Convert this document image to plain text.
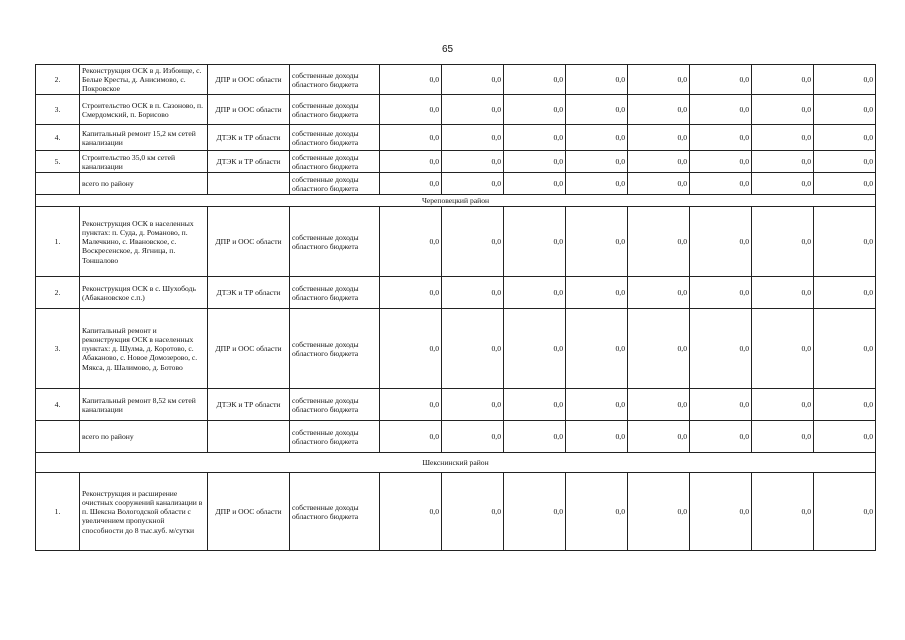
65
2.	Реконструкция ОСК в д. Избоище, с. Белые Кресты, д. Анисимово, с. Покровское	ДПР и ООС области	собственные доходы областного бюджета	0,0	0,0	0,0	0,0	0,0	0,0	0,0	0,0
3.	Строительство ОСК в п. Сазоново, п. Смердомский, п. Борисово	ДПР и ООС области	собственные доходы областного бюджета	0,0	0,0	0,0	0,0	0,0	0,0	0,0	0,0
4.	Капитальный ремонт 15,2 км сетей канализации	ДТЭК и ТР области	собственные доходы областного бюджета	0,0	0,0	0,0	0,0	0,0	0,0	0,0	0,0
5.	Строительство 35,0 км сетей канализации	ДТЭК и ТР области	собственные доходы областного бюджета	0,0	0,0	0,0	0,0	0,0	0,0	0,0	0,0
	всего по району		собственные доходы областного бюджета	0,0	0,0	0,0	0,0	0,0	0,0	0,0	0,0
Череповецкий район											
1.	Реконструкция ОСК в населенных пунктах: п. Суда, д. Романово, п. Малечкино, с. Ивановское, с. Воскресенское, д. Ягница, п. Тоншалово	ДПР и ООС области	собственные доходы областного бюджета	0,0	0,0	0,0	0,0	0,0	0,0	0,0	0,0
2.	Реконструкция ОСК в с. Шухободь (Абакановское с.п.)	ДТЭК и ТР области	собственные доходы областного бюджета	0,0	0,0	0,0	0,0	0,0	0,0	0,0	0,0
3.	Капитальный ремонт и реконструкция ОСК в населенных пунктах: д. Шулма, д. Коротово, с. Абаканово, с. Новое Домозерово, с. Мякса, д. Шалимово, д. Ботово	ДПР и ООС области	собственные доходы областного бюджета	0,0	0,0	0,0	0,0	0,0	0,0	0,0	0,0
4.	Капитальный ремонт 8,52 км сетей канализации	ДТЭК и ТР области	собственные доходы областного бюджета	0,0	0,0	0,0	0,0	0,0	0,0	0,0	0,0
	всего по району		собственные доходы областного бюджета	0,0	0,0	0,0	0,0	0,0	0,0	0,0	0,0
Шекснинский район											
1.	Реконструкция и расширение очистных сооружений канализации в п. Шексна Вологодской области с увеличением пропускной способности до 8 тыс.куб. м/сутки	ДПР и ООС области	собственные доходы областного бюджета	0,0	0,0	0,0	0,0	0,0	0,0	0,0	0,0
